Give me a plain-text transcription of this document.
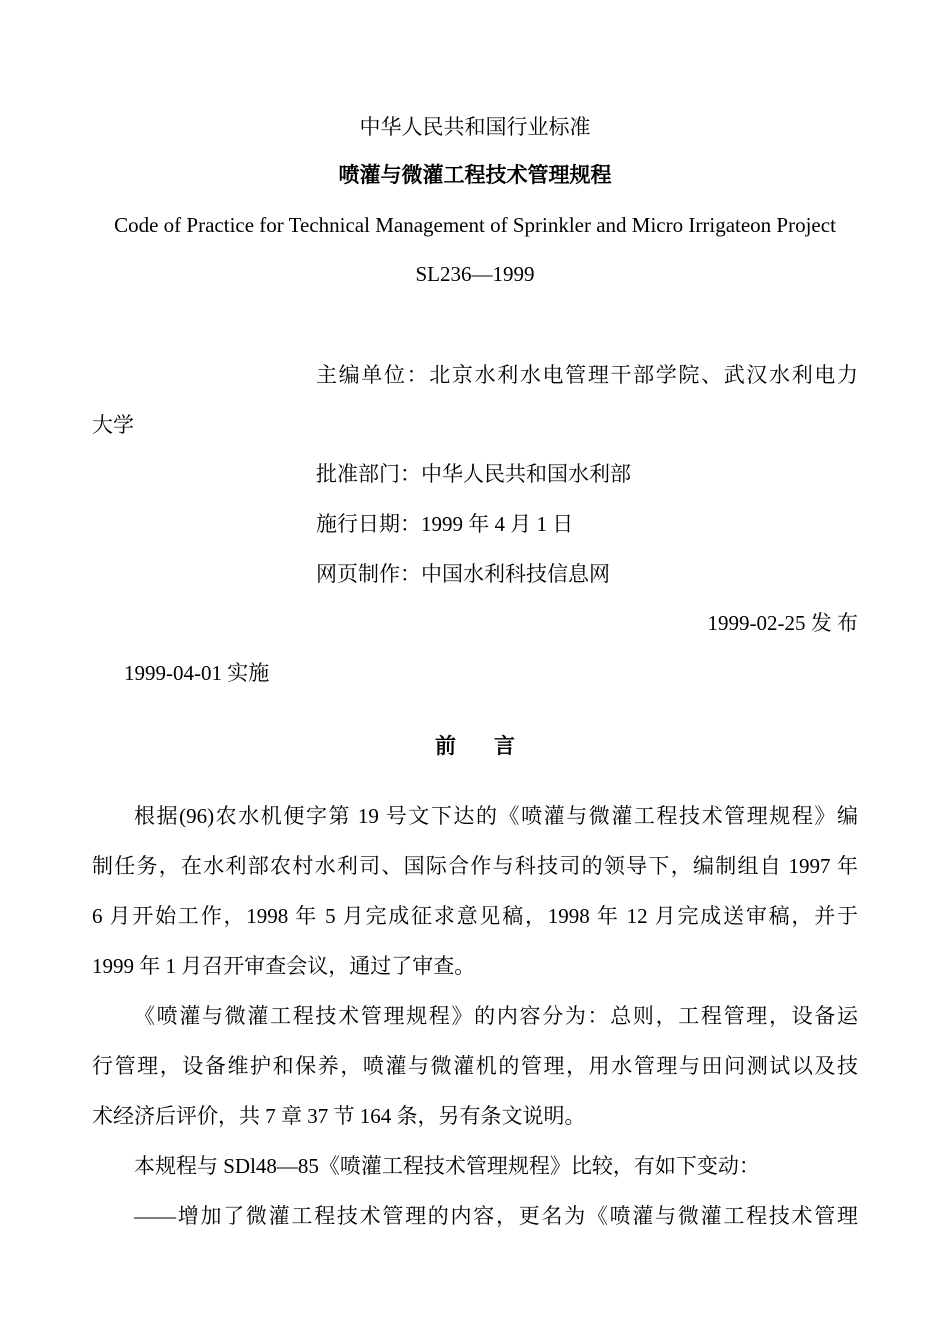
中华人民共和国行业标准
喷灌与微灌工程技术管理规程
Code of Practice for Technical Management of Sprinkler and Micro Irrigateon Project
SL236—1999
主编单位：北京水利水电管理干部学院、武汉水利电力
大学
批准部门：中华人民共和国水利部
施行日期：1999 年 4 月 1 日
网页制作：中国水利科技信息网
1999-02-25 发 布
1999-04-01 实施
前言
根据(96)农水机便字第 19 号文下达的《喷灌与微灌工程技术管理规程》编
制任务，在水利部农村水利司、国际合作与科技司的领导下，编制组自 1997 年
6 月开始工作，1998 年 5 月完成征求意见稿，1998 年 12 月完成送审稿，并于
1999 年 1 月召开审查会议，通过了审查。
《喷灌与微灌工程技术管理规程》的内容分为：总则，工程管理，设备运
行管理，设备维护和保养，喷灌与微灌机的管理，用水管理与田问测试以及技
术经济后评价，共 7 章 37 节 164 条，另有条文说明。
本规程与 SDl48—85《喷灌工程技术管理规程》比较，有如下变动：
——增加了微灌工程技术管理的内容，更名为《喷灌与微灌工程技术管理
